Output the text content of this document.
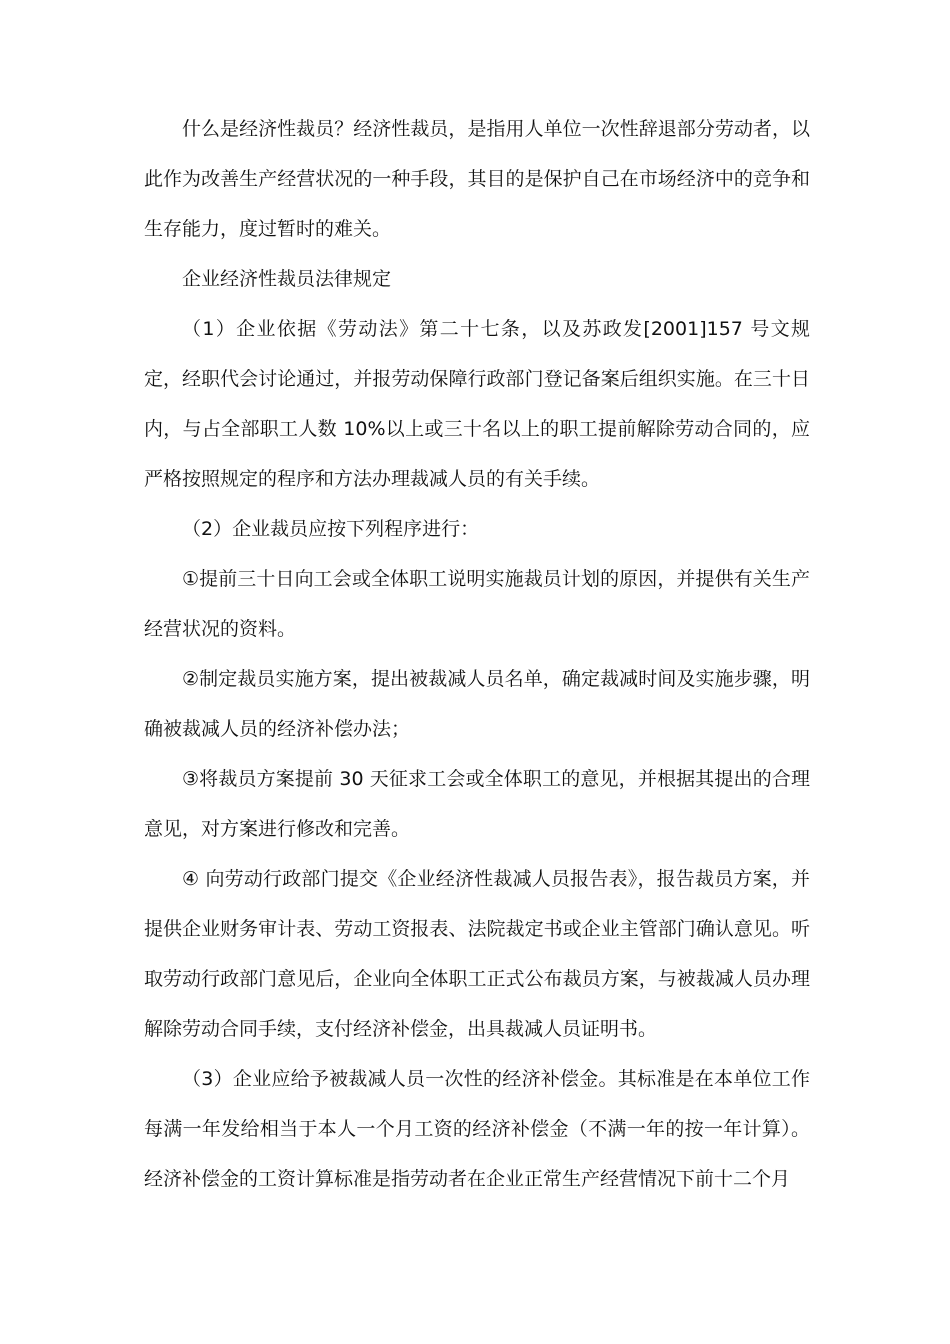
什么是经济性裁员？经济性裁员，是指用人单位一次性辞退部分劳动者，以此作为改善生产经营状况的一种手段，其目的是保护自己在市场经济中的竞争和生存能力，度过暂时的难关。

企业经济性裁员法律规定

（1）企业依据《劳动法》第二十七条，以及苏政发[2001]157 号文规定，经职代会讨论通过，并报劳动保障行政部门登记备案后组织实施。在三十日内，与占全部职工人数 10%以上或三十名以上的职工提前解除劳动合同的，应严格按照规定的程序和方法办理裁减人员的有关手续。

（2）企业裁员应按下列程序进行：

①提前三十日向工会或全体职工说明实施裁员计划的原因，并提供有关生产经营状况的资料。

②制定裁员实施方案，提出被裁减人员名单，确定裁减时间及实施步骤，明确被裁减人员的经济补偿办法；

③将裁员方案提前 30 天征求工会或全体职工的意见，并根据其提出的合理意见，对方案进行修改和完善。

④ 向劳动行政部门提交《企业经济性裁减人员报告表》，报告裁员方案，并提供企业财务审计表、劳动工资报表、法院裁定书或企业主管部门确认意见。听取劳动行政部门意见后，企业向全体职工正式公布裁员方案，与被裁减人员办理解除劳动合同手续，支付经济补偿金，出具裁减人员证明书。

（3）企业应给予被裁减人员一次性的经济补偿金。其标准是在本单位工作每满一年发给相当于本人一个月工资的经济补偿金（不满一年的按一年计算）。经济补偿金的工资计算标准是指劳动者在企业正常生产经营情况下前十二个月
